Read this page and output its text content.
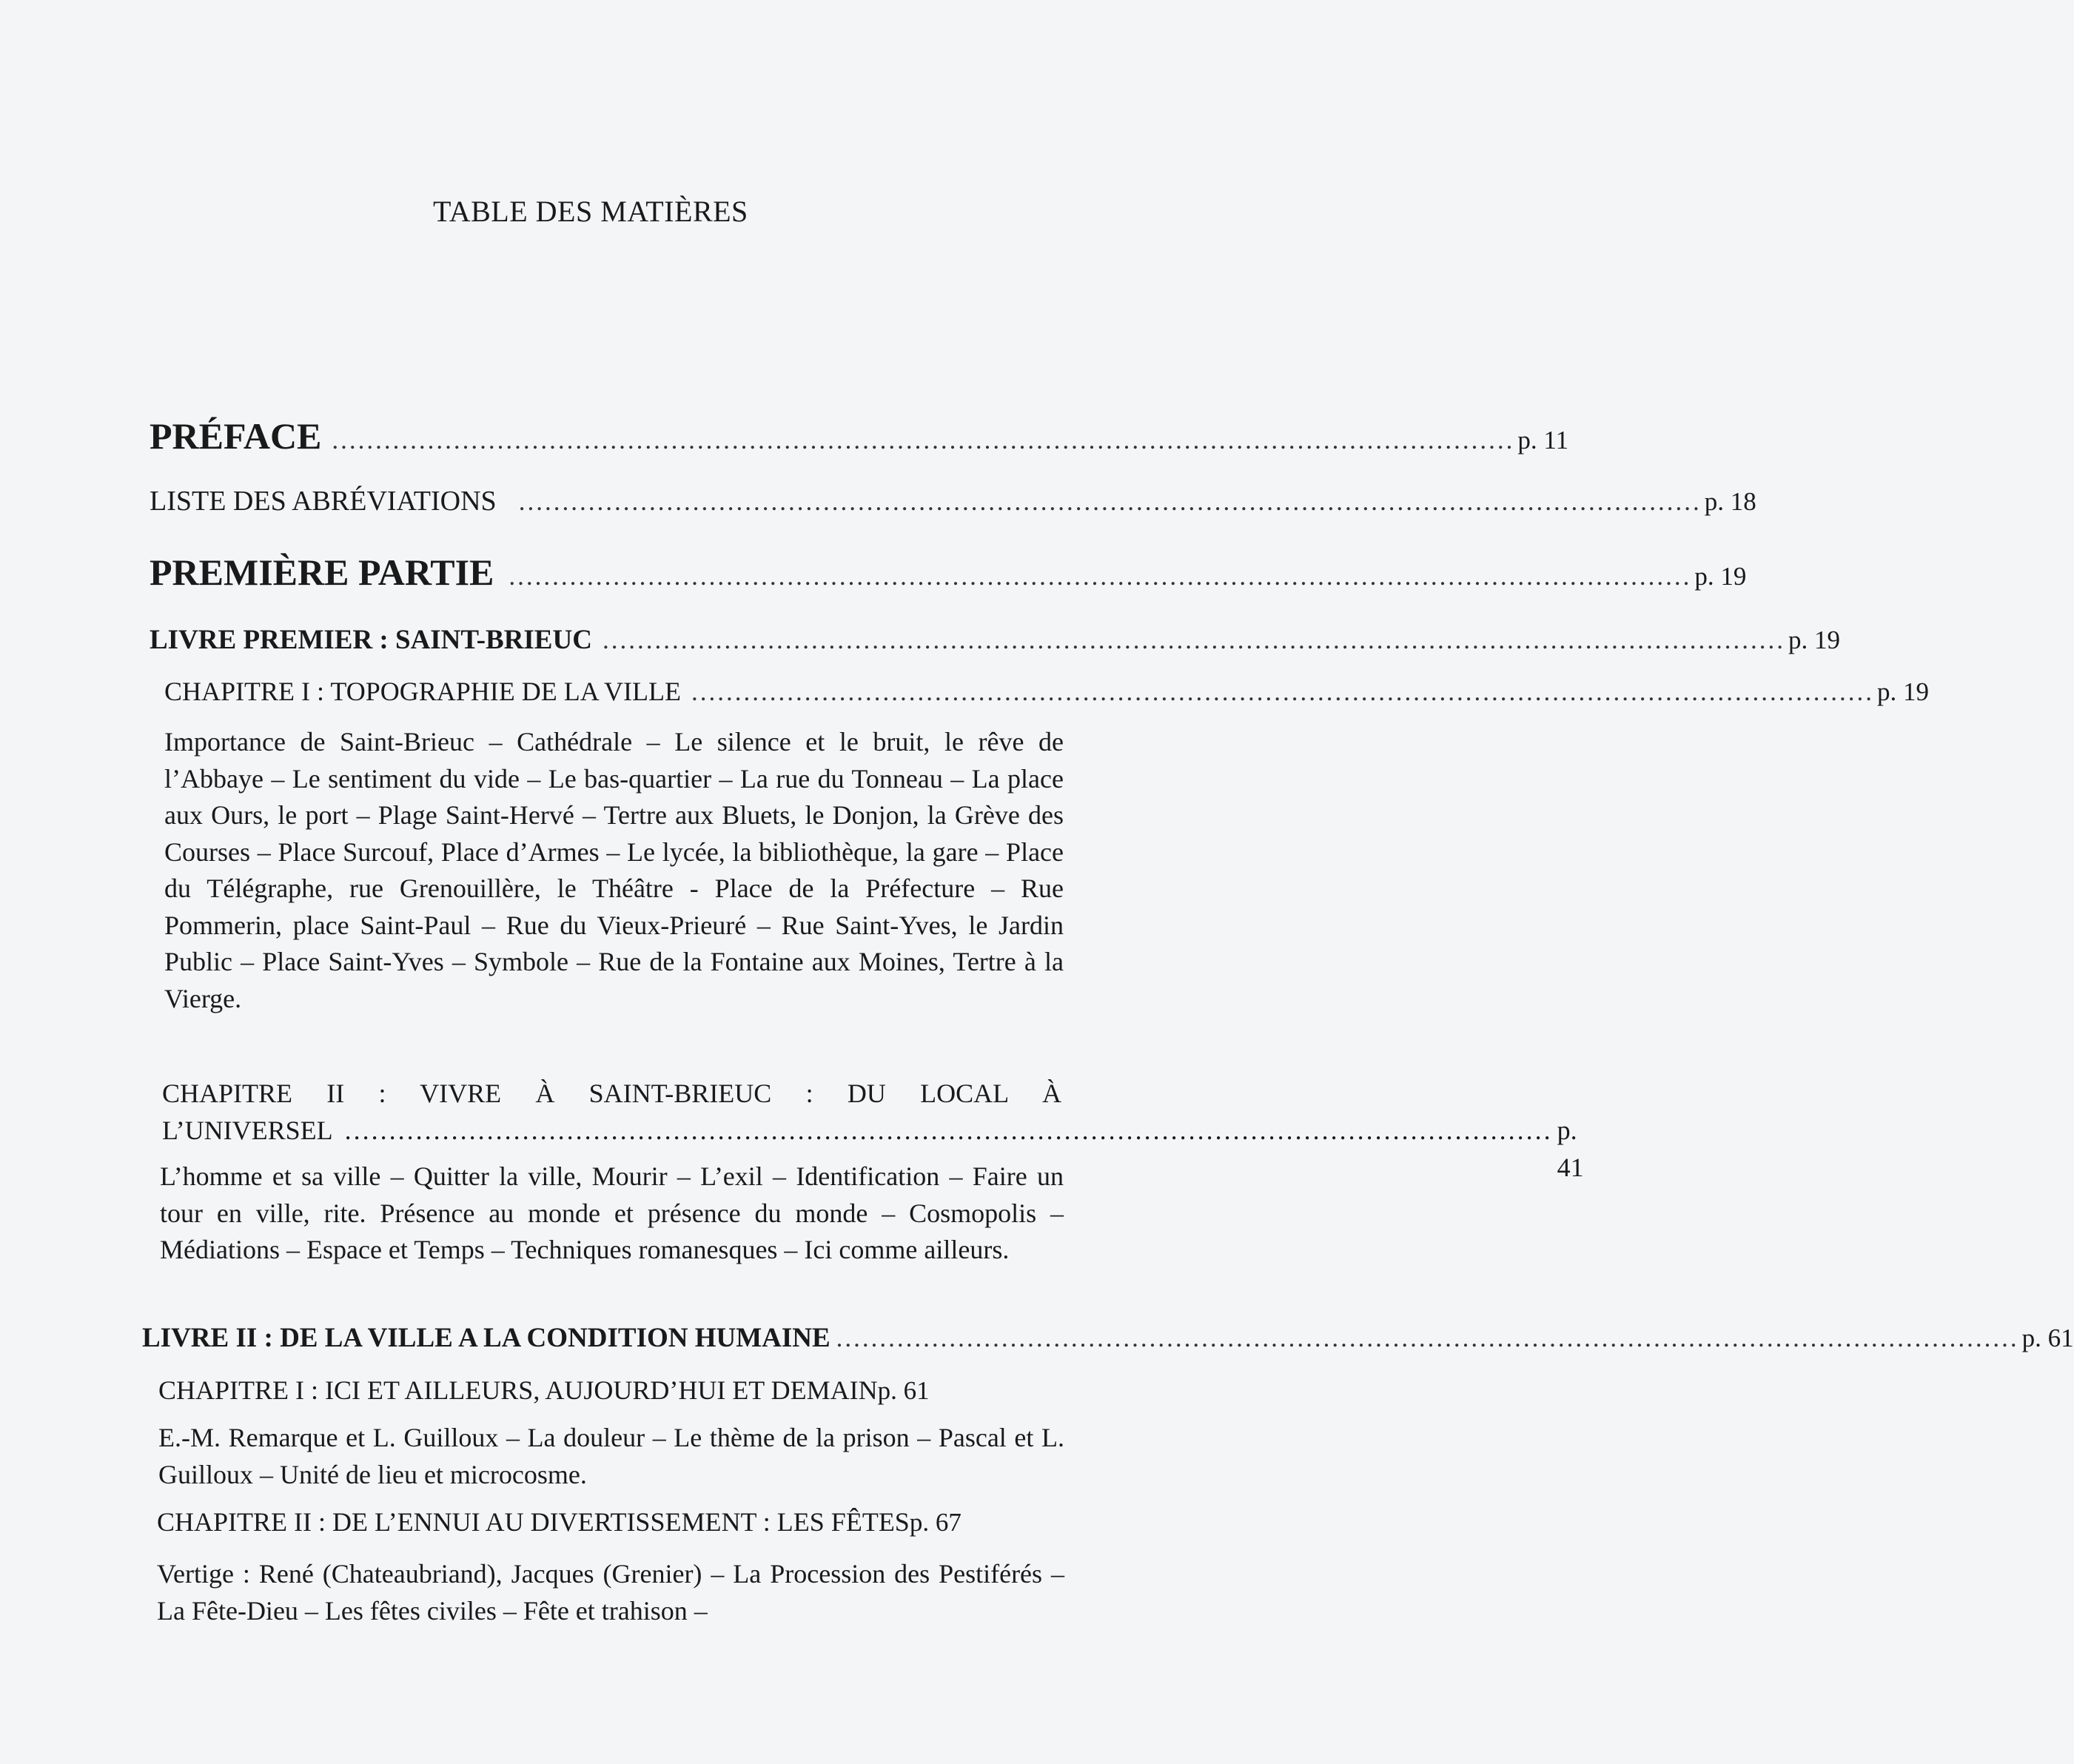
TABLE DES MATIÈRES
PRÉFACE ........................................................................................................................................ p. 11
LISTE DES ABRÉVIATIONS ........................................................................................................................................ p. 18
PREMIÈRE PARTIE ........................................................................................................................................ p. 19
LIVRE PREMIER : SAINT-BRIEUC ........................................................................................................................................ p. 19
CHAPITRE I : TOPOGRAPHIE DE LA VILLE ........................................................................................................................................ p. 19
Importance de Saint-Brieuc – Cathédrale – Le silence et le bruit, le rêve de l’Abbaye – Le sentiment du vide – Le bas-quartier – La rue du Tonneau – La place aux Ours, le port – Plage Saint-Hervé – Tertre aux Bluets, le Donjon, la Grève des Courses – Place Surcouf, Place d’Armes – Le lycée, la bibliothèque, la gare – Place du Télégraphe, rue Grenouillère, le Théâtre - Place de la Préfecture – Rue Pommerin, place Saint-Paul – Rue du Vieux-Prieuré – Rue Saint-Yves, le Jardin Public – Place Saint-Yves – Symbole – Rue de la Fontaine aux Moines, Tertre à la Vierge.
CHAPITRE II : VIVRE À SAINT-BRIEUC : DU LOCAL À
L’UNIVERSEL ........................................................................................................................................ p. 41
L’homme et sa ville – Quitter la ville, Mourir – L’exil – Identification – Faire un tour en ville, rite. Présence au monde et présence du monde – Cosmopolis – Médiations – Espace et Temps – Techniques romanesques – Ici comme ailleurs.
LIVRE II : DE LA VILLE A LA CONDITION HUMAINE ........................................................................................................................................ p. 61
CHAPITRE I : ICI ET AILLEURS, AUJOURD’HUI ET DEMAIN p. 61
E.-M. Remarque et L. Guilloux – La douleur – Le thème de la prison – Pascal et L. Guilloux – Unité de lieu et microcosme.
CHAPITRE II : DE L’ENNUI AU DIVERTISSEMENT : LES FÊTES p. 67
Vertige : René (Chateaubriand), Jacques (Grenier) – La Procession des Pestiférés – La Fête-Dieu – Les fêtes civiles – Fête et trahison –
